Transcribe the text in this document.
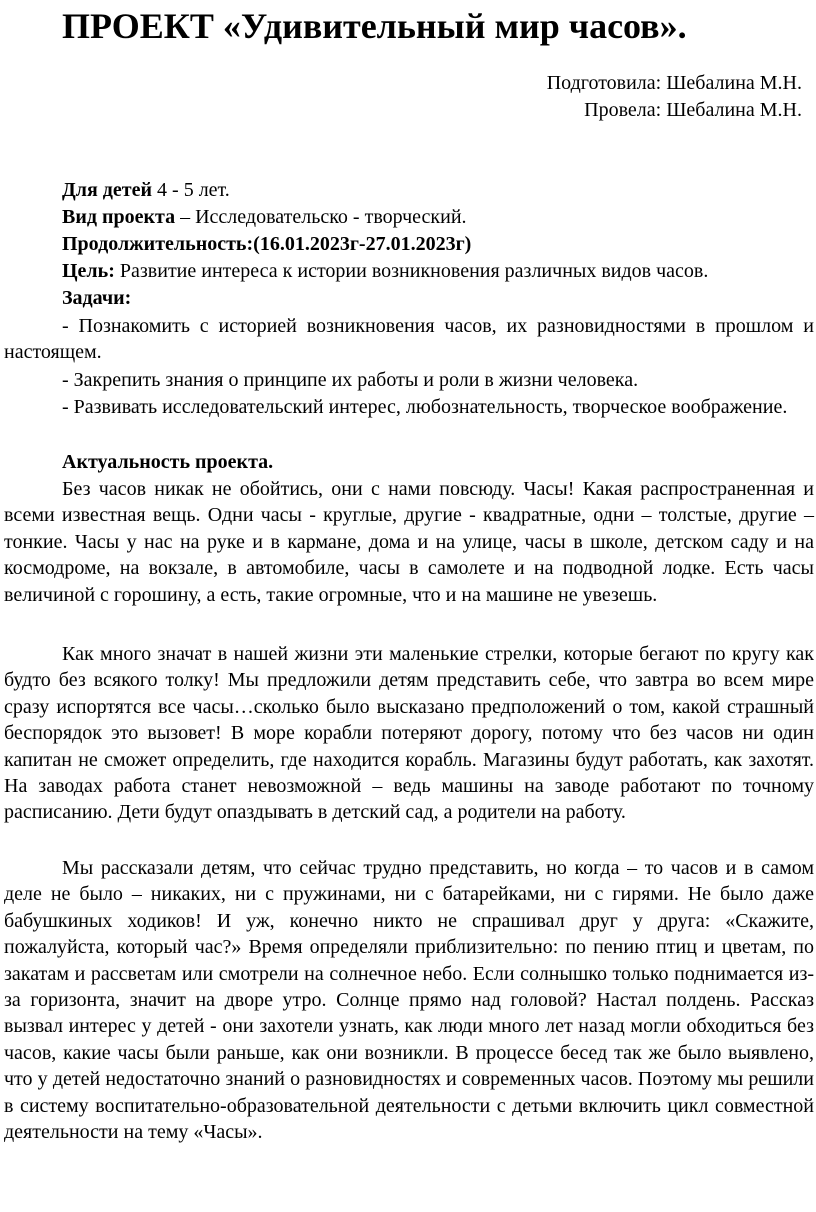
ПРОЕКТ «Удивительный мир часов».
Подготовила: Шебалина М.Н.
Провела: Шебалина М.Н.
Для детей 4 - 5 лет.
Вид проекта – Исследовательско - творческий.
Продолжительность:(16.01.2023г-27.01.2023г)
Цель: Развитие интереса к истории возникновения различных видов часов.
Задачи:

- Познакомить с историей возникновения часов, их разновидностями в прошлом и настоящем.

- Закрепить знания о принципе их работы и роли в жизни человека.

- Развивать исследовательский интерес, любознательность, творческое воображение.

Актуальность проекта.

Без часов никак не обойтись, они с нами повсюду. Часы! Какая распространенная и всеми известная вещь. Одни часы - круглые, другие - квадратные, одни – толстые, другие – тонкие. Часы у нас на руке и в кармане, дома и на улице, часы в школе, детском саду и на космодроме, на вокзале, в автомобиле, часы в самолете и на подводной лодке. Есть часы величиной с горошину, а есть, такие огромные, что и на машине не увезешь.

Как много значат в нашей жизни эти маленькие стрелки, которые бегают по кругу как будто без всякого толку! Мы предложили детям представить себе, что завтра во всем мире сразу испортятся все часы…сколько было высказано предположений о том, какой страшный беспорядок это вызовет! В море корабли потеряют дорогу, потому что без часов ни один капитан не сможет определить, где находится корабль. Магазины будут работать, как захотят. На заводах работа станет невозможной – ведь машины на заводе работают по точному расписанию. Дети будут опаздывать в детский сад, а родители на работу.

Мы рассказали детям, что сейчас трудно представить, но когда – то часов и в самом деле не было – никаких, ни с пружинами, ни с батарейками, ни с гирями. Не было даже бабушкиных ходиков! И уж, конечно никто не спрашивал друг у друга: «Скажите, пожалуйста, который час?» Время определяли приблизительно: по пению птиц и цветам, по закатам и рассветам или смотрели на солнечное небо. Если солнышко только поднимается из-за горизонта, значит на дворе утро. Солнце прямо над головой? Настал полдень. Рассказ вызвал интерес у детей - они захотели узнать, как люди много лет назад могли обходиться без часов, какие часы были раньше, как они возникли. В процессе бесед так же было выявлено, что у детей недостаточно знаний о разновидностях и современных часов. Поэтому мы решили в систему воспитательно-образовательной деятельности с детьми включить цикл совместной деятельности на тему «Часы».
